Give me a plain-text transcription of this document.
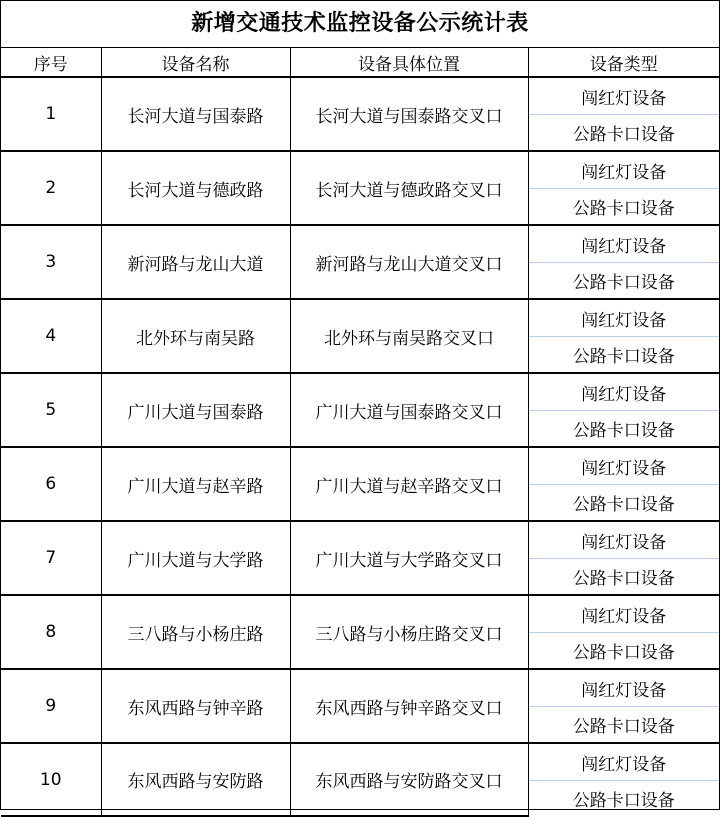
新增交通技术监控设备公示统计表
序号	设备名称	设备具体位置	设备类型
1	长河大道与国泰路	长河大道与国泰路交叉口	闯红灯设备
			公路卡口设备
2	长河大道与德政路	长河大道与德政路交叉口	闯红灯设备
			公路卡口设备
3	新河路与龙山大道	新河路与龙山大道交叉口	闯红灯设备
			公路卡口设备
4	北外环与南吴路	北外环与南吴路交叉口	闯红灯设备
			公路卡口设备
5	广川大道与国泰路	广川大道与国泰路交叉口	闯红灯设备
			公路卡口设备
6	广川大道与赵辛路	广川大道与赵辛路交叉口	闯红灯设备
			公路卡口设备
7	广川大道与大学路	广川大道与大学路交叉口	闯红灯设备
			公路卡口设备
8	三八路与小杨庄路	三八路与小杨庄路交叉口	闯红灯设备
			公路卡口设备
9	东风西路与钟辛路	东风西路与钟辛路交叉口	闯红灯设备
			公路卡口设备
10	东风西路与安防路	东风西路与安防路交叉口	闯红灯设备
			公路卡口设备
